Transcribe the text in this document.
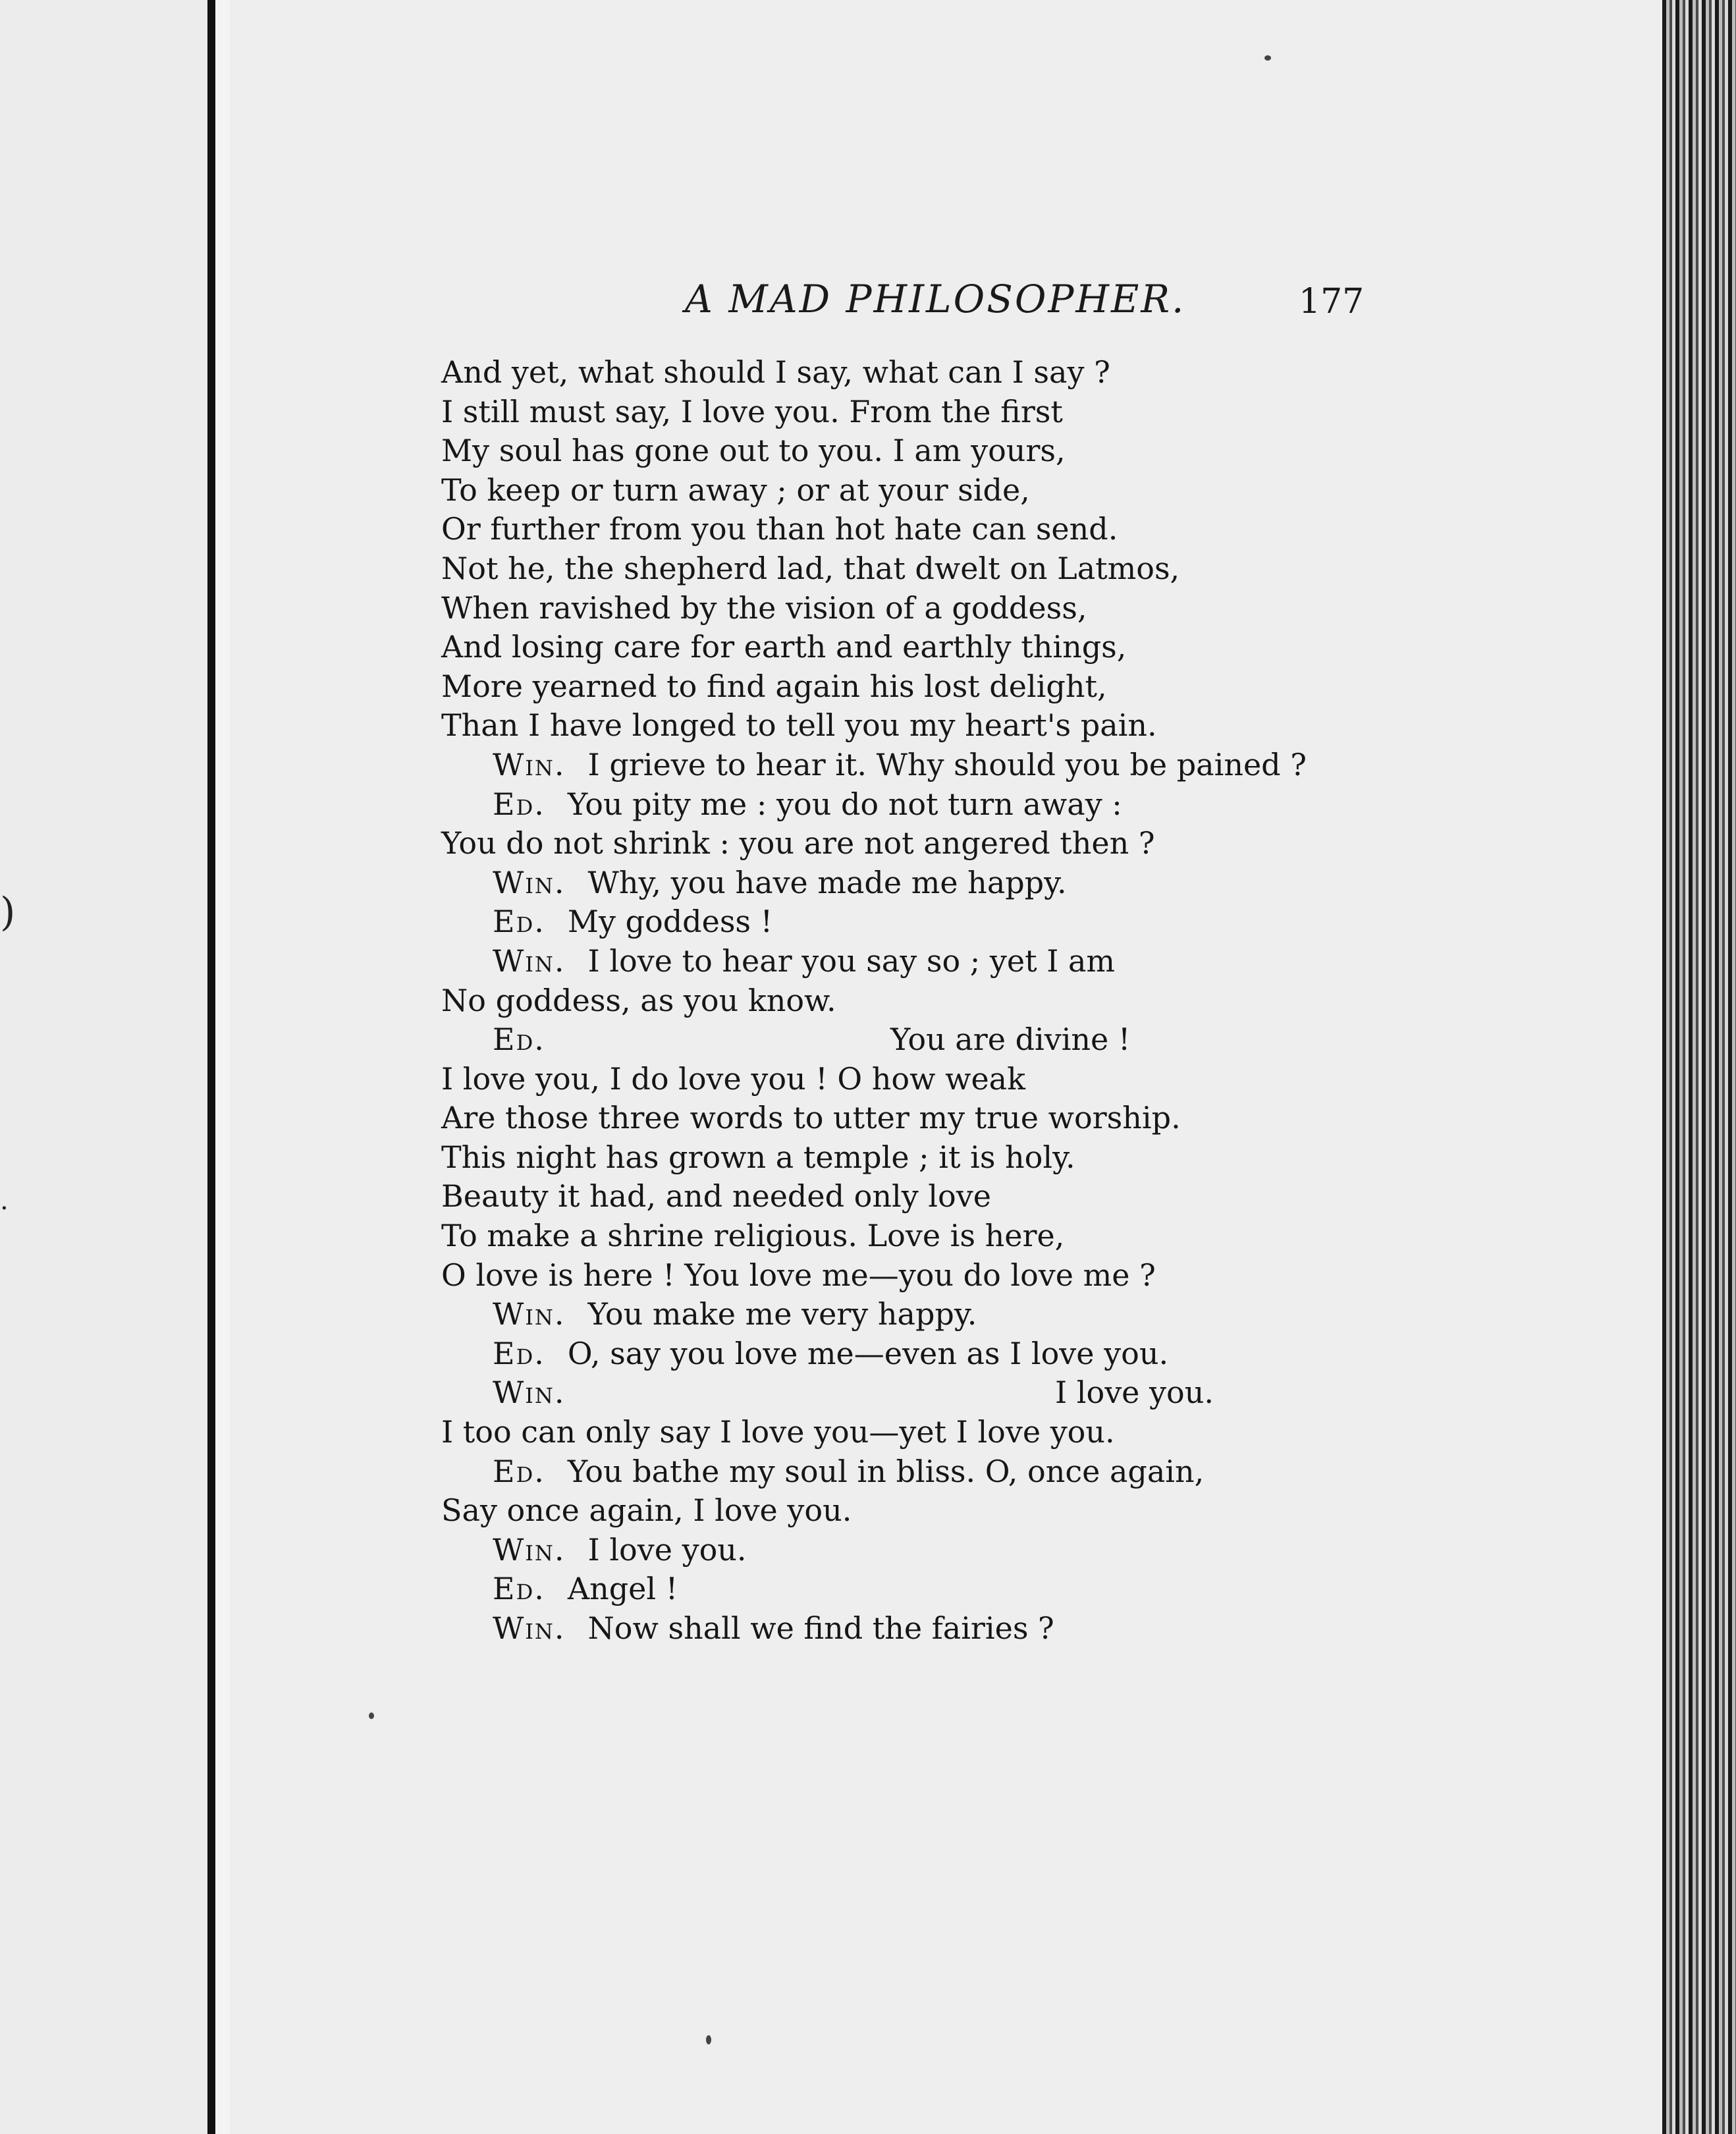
)
.
A MAD PHILOSOPHER.	177
And yet, what should I say, what can I say ?
I still must say, I love you. From the first
My soul has gone out to you. I am yours,
To keep or turn away ; or at your side,
Or further from you than hot hate can send.
Not he, the shepherd lad, that dwelt on Latmos,
When ravished by the vision of a goddess,
And losing care for earth and earthly things,
More yearned to find again his lost delight,
Than I have longed to tell you my heart's pain.
Win. I grieve to hear it. Why should you be pained ?
Ed. You pity me : you do not turn away :
You do not shrink : you are not angered then ?
Win. Why, you have made me happy.
Ed. My goddess !
Win. I love to hear you say so ; yet I am
No goddess, as you know.
Ed.	You are divine !
I love you, I do love you ! O how weak
Are those three words to utter my true worship.
This night has grown a temple ; it is holy.
Beauty it had, and needed only love
To make a shrine religious. Love is here,
O love is here ! You love me—you do love me ?
Win. You make me very happy.
Ed. O, say you love me—even as I love you.
Win.	I love you.
I too can only say I love you—yet I love you.
Ed. You bathe my soul in bliss. O, once again,
Say once again, I love you.
Win. I love you.
Ed. Angel !
Win. Now shall we find the fairies ?
